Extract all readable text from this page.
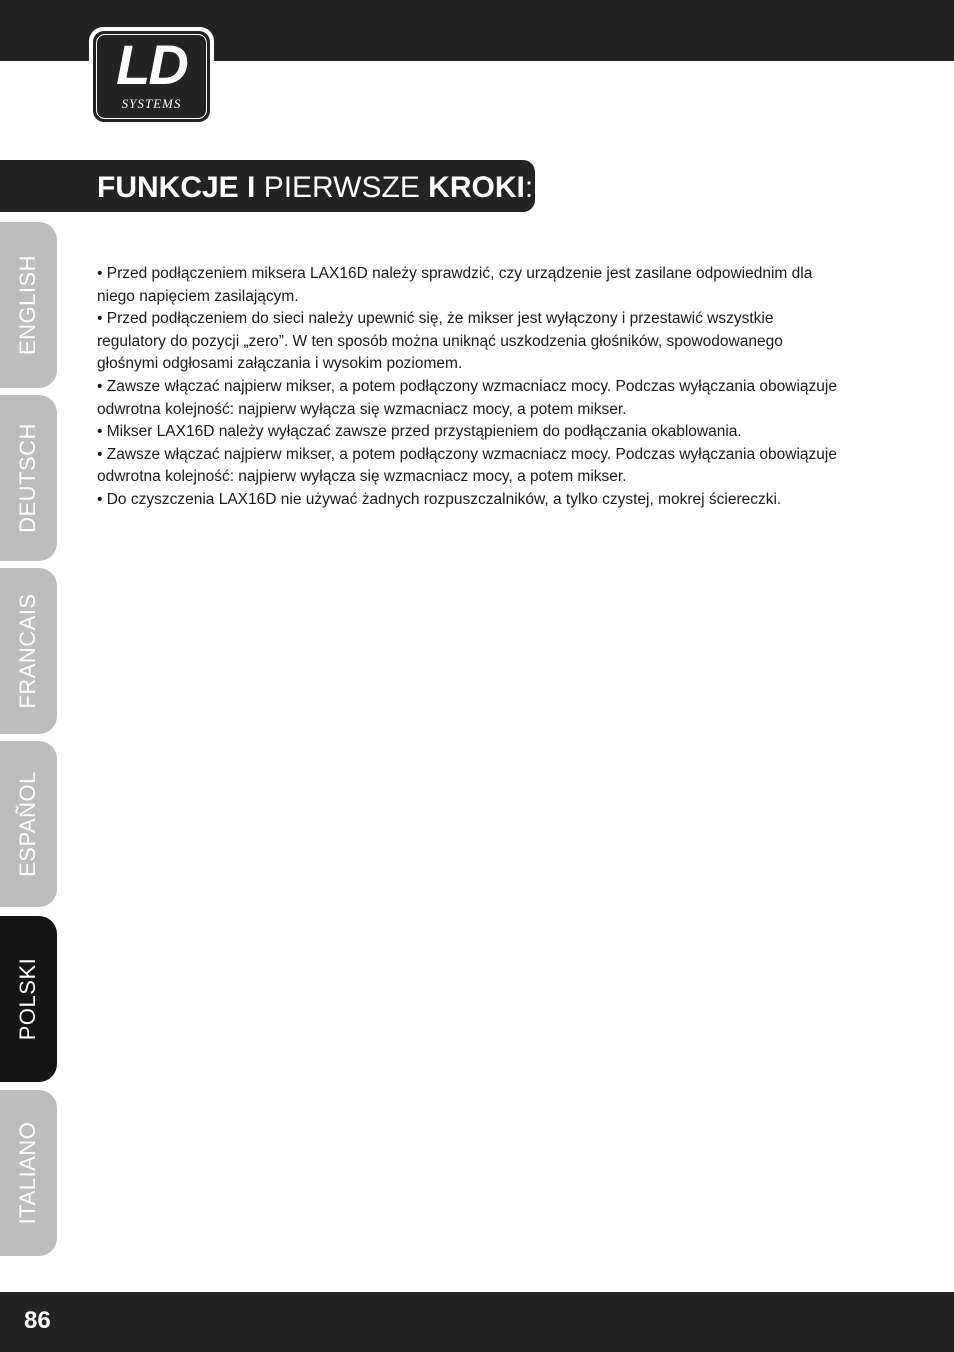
LD
SYSTEMS
FUNKCJE I PIERWSZE KROKI:
ENGLISH
DEUTSCH
FRANCAIS
ESPAÑOL
POLSKI
ITALIANO

• Przed podłączeniem miksera LAX16D należy sprawdzić, czy urządzenie jest zasilane odpowiednim dla niego napięciem zasilającym.

• Przed podłączeniem do sieci należy upewnić się, że mikser jest wyłączony i przestawić wszystkie regulatory do pozycji „zero”. W ten sposób można uniknąć uszkodzenia głośników, spowodowanego głośnymi odgłosami załączania i wysokim poziomem.

• Zawsze włączać najpierw mikser, a potem podłączony wzmacniacz mocy. Podczas wyłączania obowiązuje odwrotna kolejność: najpierw wyłącza się wzmacniacz mocy, a potem mikser.

• Mikser LAX16D należy wyłączać zawsze przed przystąpieniem do podłączania okablowania.

• Zawsze włączać najpierw mikser, a potem podłączony wzmacniacz mocy. Podczas wyłączania obowiązuje odwrotna kolejność: najpierw wyłącza się wzmacniacz mocy, a potem mikser.

• Do czyszczenia LAX16D nie używać żadnych rozpuszczalników, a tylko czystej, mokrej ściereczki.

86
